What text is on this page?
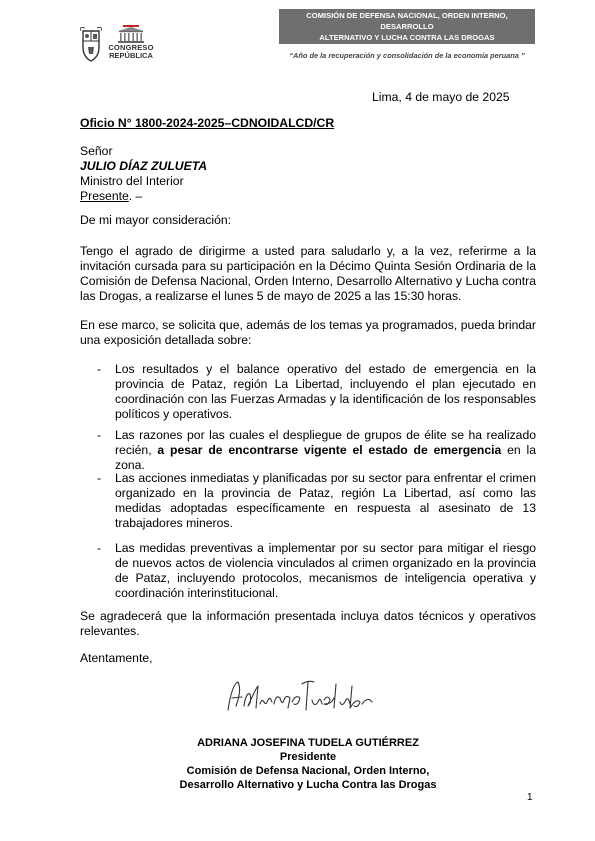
CONGRESO
REPÚBLICA
COMISIÓN DE DEFENSA NACIONAL, ORDEN INTERNO, DESARROLLO
ALTERNATIVO Y LUCHA CONTRA LAS DROGAS
“Año de la recuperación y consolidación de la economía peruana ”
Lima, 4 de mayo de 2025
Oficio N° 1800-2024-2025–CDNOIDALCD/CR
Señor
JULIO DÍAZ ZULUETA
Ministro del Interior
Presente. –
De mi mayor consideración:

Tengo el agrado de dirigirme a usted para saludarlo y, a la vez, referirme a la invitación cursada para su participación en la Décimo Quinta Sesión Ordinaria de la Comisión de Defensa Nacional, Orden Interno, Desarrollo Alternativo y Lucha contra las Drogas, a realizarse el lunes 5 de mayo de 2025 a las 15:30 horas.

En ese marco, se solicita que, además de los temas ya programados, pueda brindar una exposición detallada sobre:

- Los resultados y el balance operativo del estado de emergencia en la provincia de Pataz, región La Libertad, incluyendo el plan ejecutado en coordinación con las Fuerzas Armadas y la identificación de los responsables políticos y operativos.

- Las razones por las cuales el despliegue de grupos de élite se ha realizado recién, a pesar de encontrarse vigente el estado de emergencia en la zona.

- Las acciones inmediatas y planificadas por su sector para enfrentar el crimen organizado en la provincia de Pataz, región La Libertad, así como las medidas adoptadas específicamente en respuesta al asesinato de 13 trabajadores mineros.

- Las medidas preventivas a implementar por su sector para mitigar el riesgo de nuevos actos de violencia vinculados al crimen organizado en la provincia de Pataz, incluyendo protocolos, mecanismos de inteligencia operativa y coordinación interinstitucional.

Se agradecerá que la información presentada incluya datos técnicos y operativos relevantes.

Atentamente,
ADRIANA JOSEFINA TUDELA GUTIÉRREZ
Presidente
Comisión de Defensa Nacional, Orden Interno,
Desarrollo Alternativo y Lucha Contra las Drogas
1
